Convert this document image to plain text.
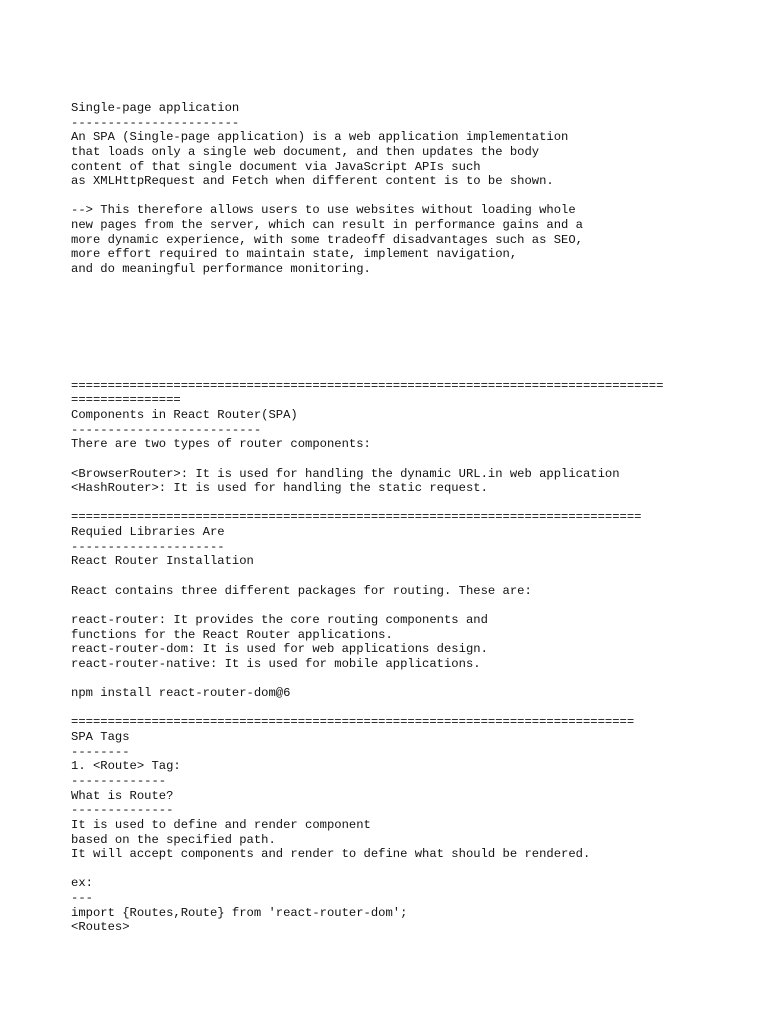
Single-page application
-----------------------
An SPA (Single-page application) is a web application implementation
that loads only a single web document, and then updates the body
content of that single document via JavaScript APIs such
as XMLHttpRequest and Fetch when different content is to be shown.
--> This therefore allows users to use websites without loading whole
new pages from the server, which can result in performance gains and a
more dynamic experience, with some tradeoff disadvantages such as SEO,
more effort required to maintain state, implement navigation,
and do meaningful performance monitoring.
=================================================================================
===============
Components in React Router(SPA)
--------------------------
There are two types of router components:
<BrowserRouter>: It is used for handling the dynamic URL.in web application
<HashRouter>: It is used for handling the static request.
==============================================================================
Requied Libraries Are
---------------------
React Router Installation
React contains three different packages for routing. These are:
react-router: It provides the core routing components and
functions for the React Router applications.
react-router-dom: It is used for web applications design.
react-router-native: It is used for mobile applications.
npm install react-router-dom@6
=============================================================================
SPA Tags
--------
1. <Route> Tag:
-------------
What is Route?
--------------
It is used to define and render component
based on the specified path.
It will accept components and render to define what should be rendered.
ex:
---
import {Routes,Route} from 'react-router-dom';
<Routes>
